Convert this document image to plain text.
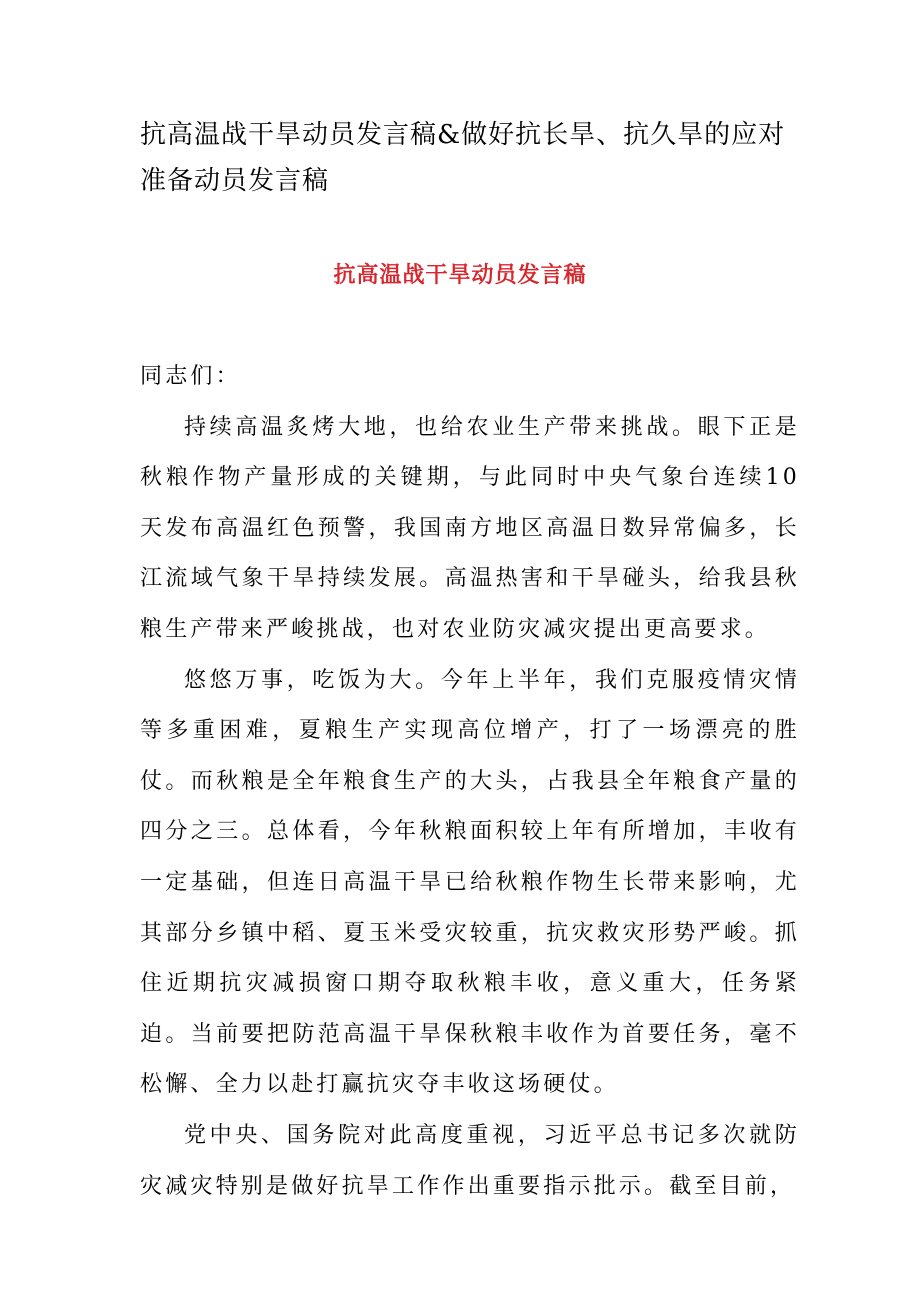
抗高温战干旱动员发言稿&做好抗长旱、抗久旱的应对准备动员发言稿
抗高温战干旱动员发言稿

同志们：

持续高温炙烤大地，也给农业生产带来挑战。眼下正是秋粮作物产量形成的关键期，与此同时中央气象台连续10天发布高温红色预警，我国南方地区高温日数异常偏多，长江流域气象干旱持续发展。高温热害和干旱碰头，给我县秋粮生产带来严峻挑战，也对农业防灾减灾提出更高要求。

悠悠万事，吃饭为大。今年上半年，我们克服疫情灾情等多重困难，夏粮生产实现高位增产，打了一场漂亮的胜仗。而秋粮是全年粮食生产的大头，占我县全年粮食产量的四分之三。总体看，今年秋粮面积较上年有所增加，丰收有一定基础，但连日高温干旱已给秋粮作物生长带来影响，尤其部分乡镇中稻、夏玉米受灾较重，抗灾救灾形势严峻。抓住近期抗灾减损窗口期夺取秋粮丰收，意义重大，任务紧迫。当前要把防范高温干旱保秋粮丰收作为首要任务，毫不松懈、全力以赴打赢抗灾夺丰收这场硬仗。

党中央、国务院对此高度重视，习近平总书记多次就防灾减灾特别是做好抗旱工作作出重要指示批示。截至目前，
